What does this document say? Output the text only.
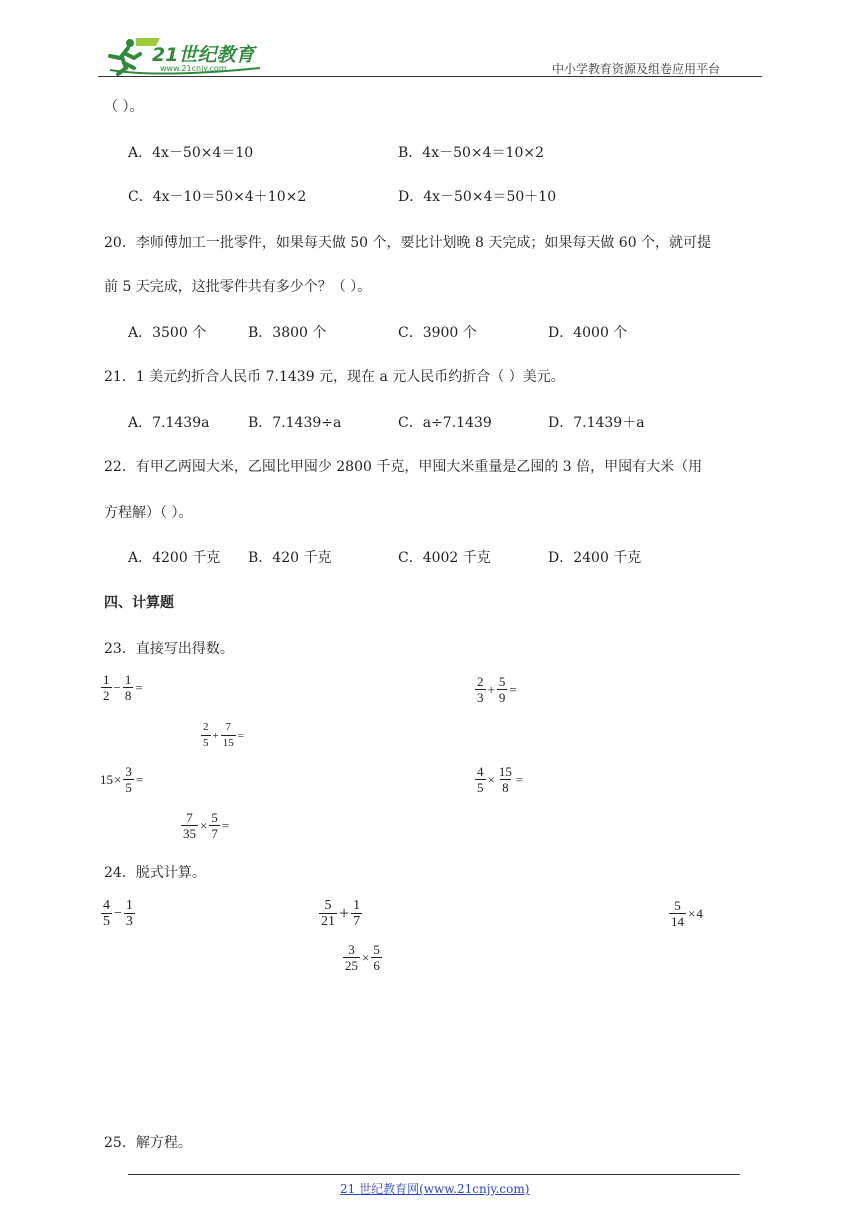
21世纪教育
www.21cnjy.com	中小学教育资源及组卷应用平台
（ ）。
A．4x－50×4＝10	B．4x－50×4＝10×2
C．4x－10＝50×4＋10×2	D．4x－50×4＝50＋10
20．李师傅加工一批零件，如果每天做 50 个，要比计划晚 8 天完成；如果每天做 60 个，就可提
前 5 天完成，这批零件共有多少个？（ ）。
A．3500 个	B．3800 个	C．3900 个	D．4000 个
21．1 美元约折合人民币 7.1439 元，现在 a 元人民币约折合（ ）美元。
A．7.1439a	B．7.1439÷a	C．a÷7.1439	D．7.1439＋a
22．有甲乙两囤大米，乙囤比甲囤少 2800 千克，甲囤大米重量是乙囤的 3 倍，甲囤有大米（用
方程解）（ ）。
A．4200 千克 B．420 千克	C．4002 千克	D．2400 千克
四、计算题
23．直接写出得数。
$\frac{1}{2} - \frac{1}{8}$ =	$\frac{2}{3} + \frac{5}{9}$ =
$\frac{2}{5} + \frac{7}{15}$ =
$15 \times \frac{3}{5}$ =	$\frac{4}{5} \times \frac{15}{8}$ =
$\frac{7}{35} \times \frac{5}{7}$ =
24．脱式计算。
$\frac{4}{5} - \frac{1}{3}$	$\frac{5}{21} + \frac{1}{7}$	$\frac{5}{14} \times 4$
$\frac{3}{25} \times \frac{5}{6}$
25．解方程。
21 世纪教育网(www.21cnjy.com)
